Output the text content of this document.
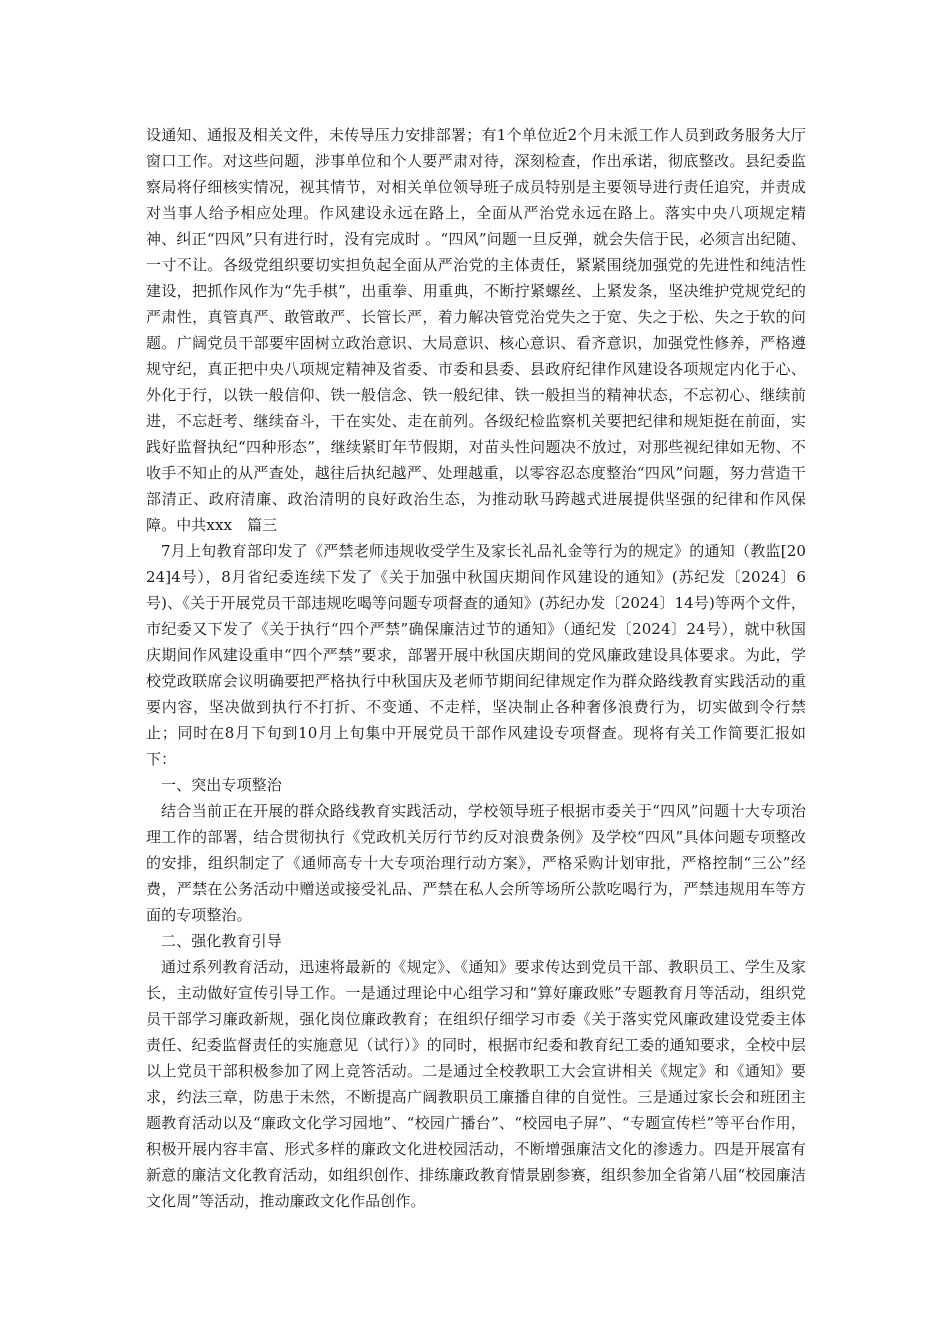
设通知、通报及相关文件，未传导压力安排部署；有1个单位近2个月未派工作人员到政务服务大厅窗口工作。对这些问题，涉事单位和个人要严肃对待，深刻检查，作出承诺，彻底整改。县纪委监察局将仔细核实情况，视其情节，对相关单位领导班子成员特别是主要领导进行责任追究，并责成对当事人给予相应处理。作风建设永远在路上，全面从严治党永远在路上。落实中央八项规定精神、纠正“四风”只有进行时，没有完成时 。“四风”问题一旦反弹，就会失信于民，必须言出纪随、一寸不让。各级党组织要切实担负起全面从严治党的主体责任，紧紧围绕加强党的先进性和纯洁性建设，把抓作风作为“先手棋”，出重拳、用重典，不断拧紧螺丝、上紧发条，坚决维护党规党纪的严肃性，真管真严、敢管敢严、长管长严，着力解决管党治党失之于宽、失之于松、失之于软的问题。广阔党员干部要牢固树立政治意识、大局意识、核心意识、看齐意识，加强党性修养，严格遵规守纪，真正把中央八项规定精神及省委、市委和县委、县政府纪律作风建设各项规定内化于心、外化于行，以铁一般信仰、铁一般信念、铁一般纪律、铁一般担当的精神状态，不忘初心、继续前进，不忘赶考、继续奋斗，干在实处、走在前列。各级纪检监察机关要把纪律和规矩挺在前面，实践好监督执纪“四种形态”，继续紧盯年节假期，对苗头性问题决不放过，对那些视纪律如无物、不收手不知止的从严查处，越往后执纪越严、处理越重，以零容忍态度整治“四风”问题，努力营造干部清正、政府清廉、政治清明的良好政治生态，为推动耿马跨越式进展提供坚强的纪律和作风保障。中共xxx　篇三

7月上旬教育部印发了《严禁老师违规收受学生及家长礼品礼金等行为的规定》的通知（教监[2024]4号），8月省纪委连续下发了《关于加强中秋国庆期间作风建设的通知》(苏纪发〔2024〕6号)、《关于开展党员干部违规吃喝等问题专项督查的通知》(苏纪办发〔2024〕14号)等两个文件，市纪委又下发了《关于执行“四个严禁”确保廉洁过节的通知》（通纪发〔2024〕24号），就中秋国庆期间作风建设重申“四个严禁”要求，部署开展中秋国庆期间的党风廉政建设具体要求。为此，学校党政联席会议明确要把严格执行中秋国庆及老师节期间纪律规定作为群众路线教育实践活动的重要内容，坚决做到执行不打折、不变通、不走样，坚决制止各种奢侈浪费行为，切实做到令行禁止；同时在8月下旬到10月上旬集中开展党员干部作风建设专项督查。现将有关工作简要汇报如下：

一、突出专项整治

结合当前正在开展的群众路线教育实践活动，学校领导班子根据市委关于“四风”问题十大专项治理工作的部署，结合贯彻执行《党政机关厉行节约反对浪费条例》及学校“四风”具体问题专项整改的安排，组织制定了《通师高专十大专项治理行动方案》，严格采购计划审批，严格控制“三公”经费，严禁在公务活动中赠送或接受礼品、严禁在私人会所等场所公款吃喝行为，严禁违规用车等方面的专项整治。

二、强化教育引导

通过系列教育活动，迅速将最新的《规定》、《通知》要求传达到党员干部、教职员工、学生及家长，主动做好宣传引导工作。一是通过理论中心组学习和“算好廉政账”专题教育月等活动，组织党员干部学习廉政新规，强化岗位廉政教育；在组织仔细学习市委《关于落实党风廉政建设党委主体责任、纪委监督责任的实施意见（试行）》的同时，根据市纪委和教育纪工委的通知要求，全校中层以上党员干部积极参加了网上竞答活动。二是通过全校教职工大会宣讲相关《规定》和《通知》要求，约法三章，防患于未然，不断提高广阔教职员工廉播自律的自觉性。三是通过家长会和班团主题教育活动以及“廉政文化学习园地”、“校园广播台”、“校园电子屏”、“专题宣传栏”等平台作用，积极开展内容丰富、形式多样的廉政文化进校园活动，不断增强廉洁文化的渗透力。四是开展富有新意的廉洁文化教育活动，如组织创作、排练廉政教育情景剧参赛，组织参加全省第八届“校园廉洁文化周”等活动，推动廉政文化作品创作。
